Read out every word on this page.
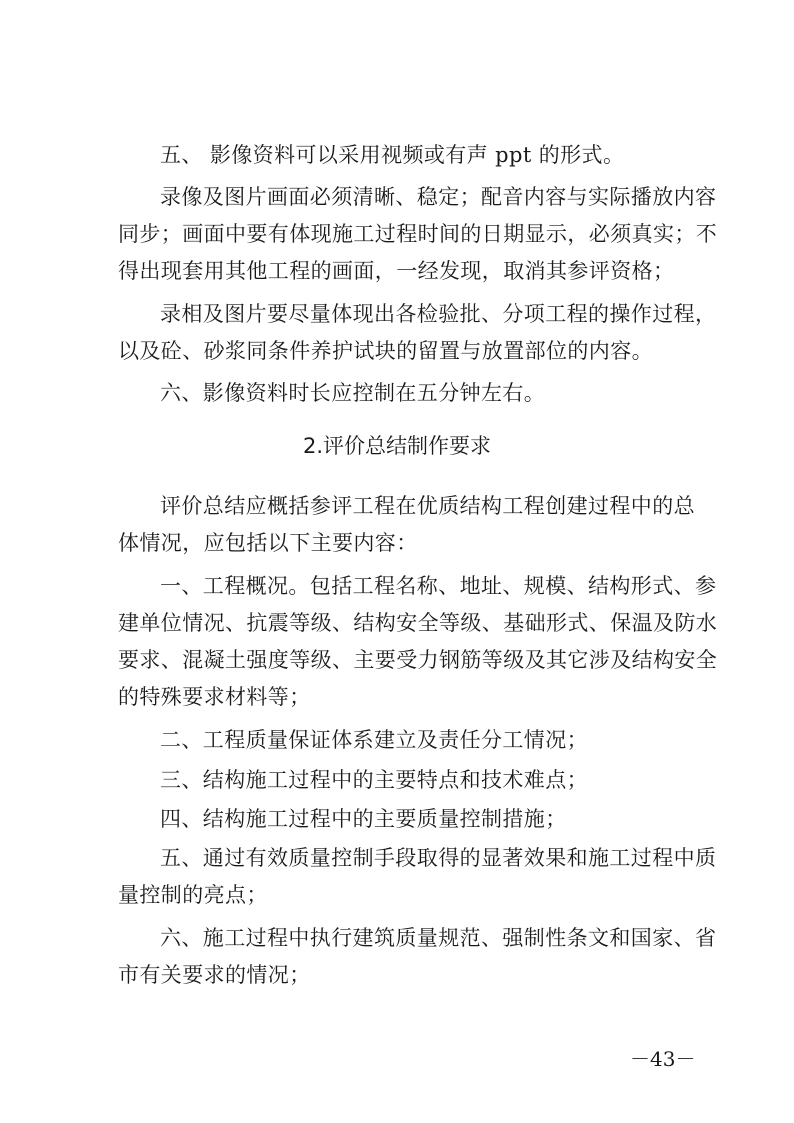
五、 影像资料可以采用视频或有声 ppt 的形式。
录像及图片画面必须清晰、稳定；配音内容与实际播放内容
同步；画面中要有体现施工过程时间的日期显示，必须真实；不
得出现套用其他工程的画面，一经发现，取消其参评资格；
录相及图片要尽量体现出各检验批、分项工程的操作过程，
以及砼、砂浆同条件养护试块的留置与放置部位的内容。
六、影像资料时长应控制在五分钟左右。
2.评价总结制作要求
评价总结应概括参评工程在优质结构工程创建过程中的总
体情况，应包括以下主要内容：
一、工程概况。包括工程名称、地址、规模、结构形式、参
建单位情况、抗震等级、结构安全等级、基础形式、保温及防水
要求、混凝土强度等级、主要受力钢筋等级及其它涉及结构安全
的特殊要求材料等；
二、工程质量保证体系建立及责任分工情况；
三、结构施工过程中的主要特点和技术难点；
四、结构施工过程中的主要质量控制措施；
五、通过有效质量控制手段取得的显著效果和施工过程中质
量控制的亮点；
六、施工过程中执行建筑质量规范、强制性条文和国家、省
市有关要求的情况；
－43－
